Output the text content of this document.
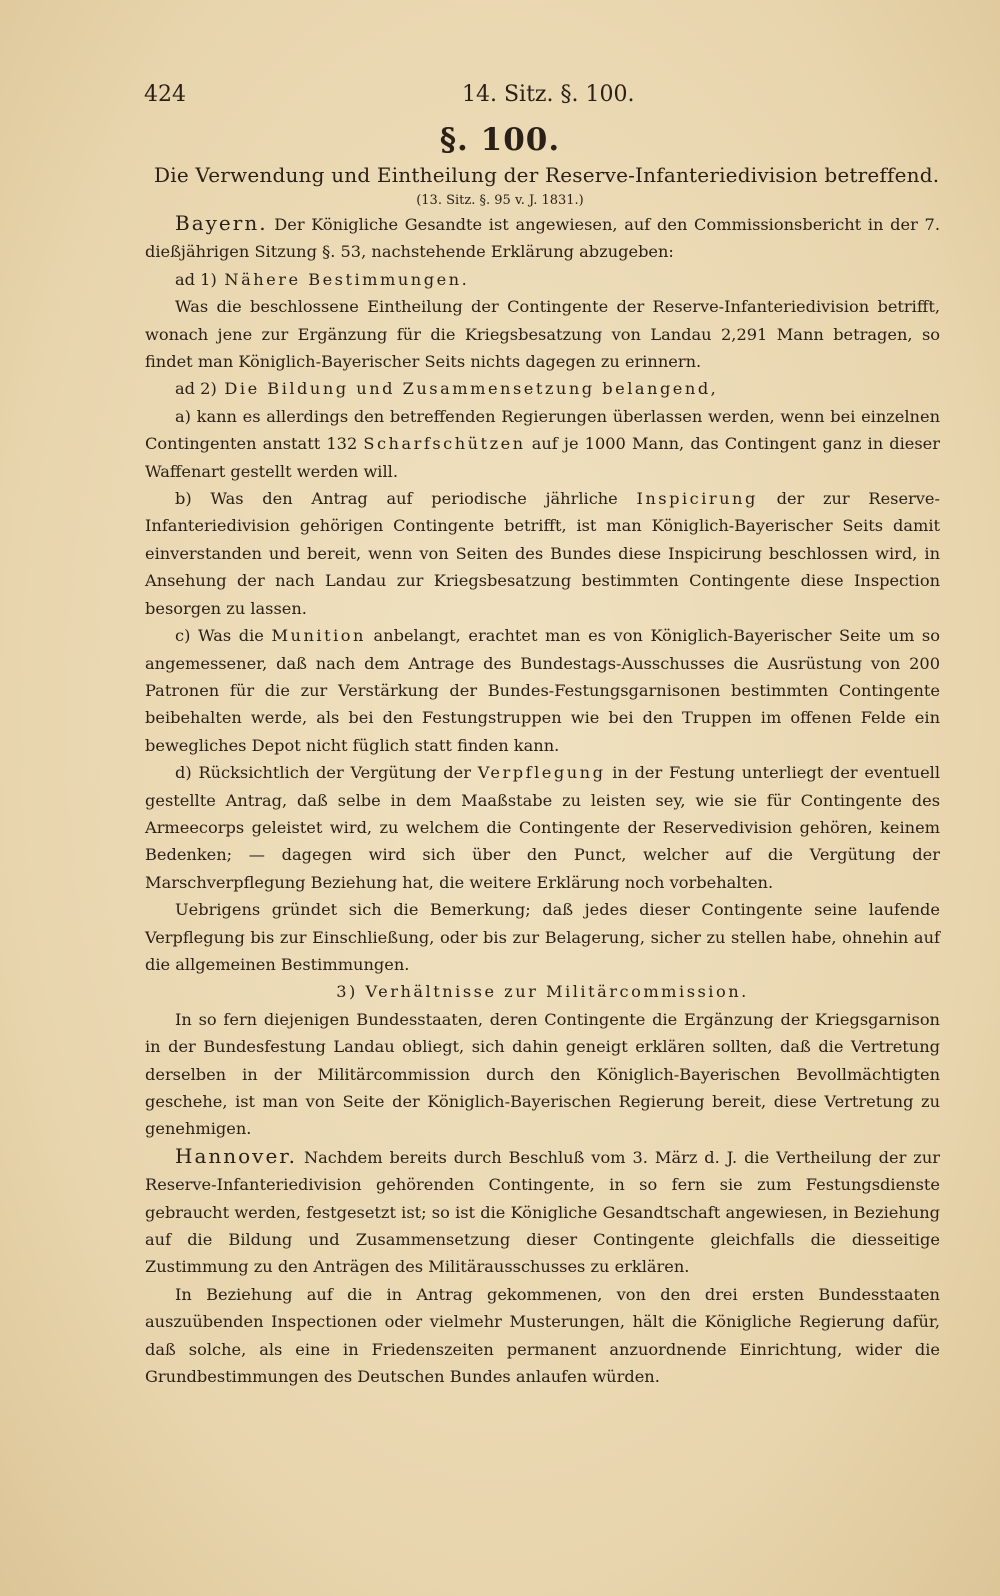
424	14. Sitz. §. 100.
§. 100.
Die Verwendung und Eintheilung der Reserve-Infanteriedivision betreffend.
(13. Sitz. §. 95 v. J. 1831.)

Bayern. Der Königliche Gesandte ist angewiesen, auf den Commissionsbericht in der 7. dießjährigen Sitzung §. 53, nachstehende Erklärung abzugeben:

ad 1) Nähere Bestimmungen.

Was die beschlossene Eintheilung der Contingente der Reserve-Infanteriedivision betrifft, wonach jene zur Ergänzung für die Kriegsbesatzung von Landau 2,291 Mann betragen, so findet man Königlich-Bayerischer Seits nichts dagegen zu erinnern.

ad 2) Die Bildung und Zusammensetzung belangend,

a) kann es allerdings den betreffenden Regierungen überlassen werden, wenn bei einzelnen Contingenten anstatt 132 Scharfschützen auf je 1000 Mann, das Contingent ganz in dieser Waffenart gestellt werden will.

b) Was den Antrag auf periodische jährliche Inspicirung der zur Reserve-Infanteriedivision gehörigen Contingente betrifft, ist man Königlich-Bayerischer Seits damit einverstanden und bereit, wenn von Seiten des Bundes diese Inspicirung beschlossen wird, in Ansehung der nach Landau zur Kriegsbesatzung bestimmten Contingente diese Inspection besorgen zu lassen.

c) Was die Munition anbelangt, erachtet man es von Königlich-Bayerischer Seite um so angemessener, daß nach dem Antrage des Bundestags-Ausschusses die Ausrüstung von 200 Patronen für die zur Verstärkung der Bundes-Festungsgarnisonen bestimmten Contingente beibehalten werde, als bei den Festungstruppen wie bei den Truppen im offenen Felde ein bewegliches Depot nicht füglich statt finden kann.

d) Rücksichtlich der Vergütung der Verpflegung in der Festung unterliegt der eventuell gestellte Antrag, daß selbe in dem Maaßstabe zu leisten sey, wie sie für Contingente des Armeecorps geleistet wird, zu welchem die Contingente der Reservedivision gehören, keinem Bedenken; — dagegen wird sich über den Punct, welcher auf die Vergütung der Marschverpflegung Beziehung hat, die weitere Erklärung noch vorbehalten.

Uebrigens gründet sich die Bemerkung; daß jedes dieser Contingente seine laufende Verpflegung bis zur Einschließung, oder bis zur Belagerung, sicher zu stellen habe, ohnehin auf die allgemeinen Bestimmungen.

3) Verhältnisse zur Militärcommission.

In so fern diejenigen Bundesstaaten, deren Contingente die Ergänzung der Kriegsgarnison in der Bundesfestung Landau obliegt, sich dahin geneigt erklären sollten, daß die Vertretung derselben in der Militärcommission durch den Königlich-Bayerischen Bevollmächtigten geschehe, ist man von Seite der Königlich-Bayerischen Regierung bereit, diese Vertretung zu genehmigen.

Hannover. Nachdem bereits durch Beschluß vom 3. März d. J. die Vertheilung der zur Reserve-Infanteriedivision gehörenden Contingente, in so fern sie zum Festungsdienste gebraucht werden, festgesetzt ist; so ist die Königliche Gesandtschaft angewiesen, in Beziehung auf die Bildung und Zusammensetzung dieser Contingente gleichfalls die diesseitige Zustimmung zu den Anträgen des Militärausschusses zu erklären.

In Beziehung auf die in Antrag gekommenen, von den drei ersten Bundesstaaten auszuübenden Inspectionen oder vielmehr Musterungen, hält die Königliche Regierung dafür, daß solche, als eine in Friedenszeiten permanent anzuordnende Einrichtung, wider die Grundbestimmungen des Deutschen Bundes anlaufen würden.
